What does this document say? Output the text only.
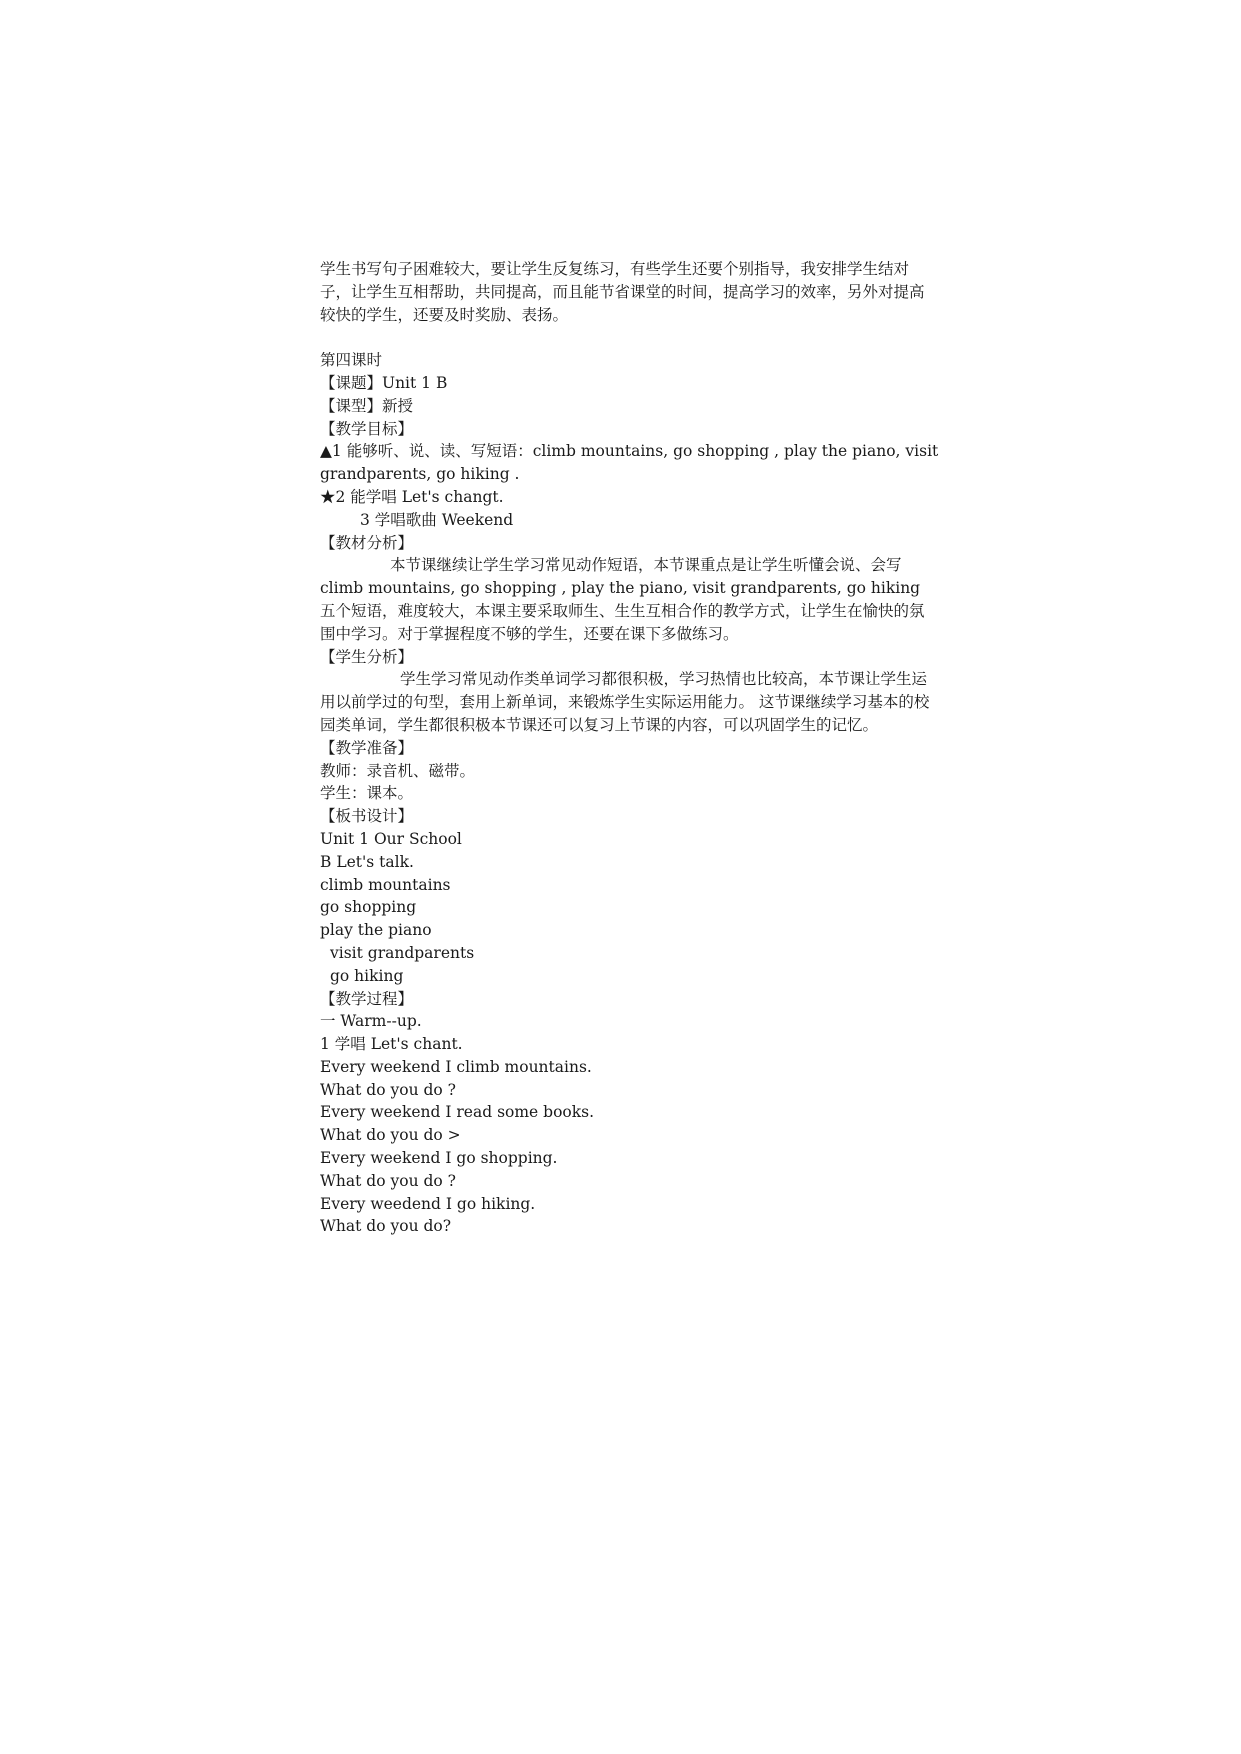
学生书写句子困难较大，要让学生反复练习，有些学生还要个别指导，我安排学生结对子，让学生互相帮助，共同提高，而且能节省课堂的时间，提高学习的效率，另外对提高较快的学生，还要及时奖励、表扬。
第四课时
【课题】Unit 1 B
【课型】新授
【教学目标】
▲1 能够听、说、读、写短语：climb mountains, go shopping , play the piano, visit
grandparents, go hiking .
★2 能学唱 Let's changt.
3 学唱歌曲 Weekend
【教材分析】
本节课继续让学生学习常见动作短语，本节课重点是让学生听懂会说、会写 climb mountains, go shopping , play the piano, visit grandparents, go hiking 五个短语，难度较大，本课主要采取师生、生生互相合作的教学方式，让学生在愉快的氛围中学习。对于掌握程度不够的学生，还要在课下多做练习。
【学生分析】
学生学习常见动作类单词学习都很积极，学习热情也比较高，本节课让学生运用以前学过的句型，套用上新单词，来锻炼学生实际运用能力。 这节课继续学习基本的校园类单词，学生都很积极本节课还可以复习上节课的内容，可以巩固学生的记忆。
【教学准备】
教师：录音机、磁带。
学生：课本。
【板书设计】
Unit 1 Our School
B Let's talk.
climb mountains
go shopping
play the piano
visit grandparents
go hiking
【教学过程】
一 Warm--up.
1 学唱 Let's chant.
Every weekend I climb mountains.
What do you do ?
Every weekend I read some books.
What do you do >
Every weekend I go shopping.
What do you do ?
Every weedend I go hiking.
What do you do?
